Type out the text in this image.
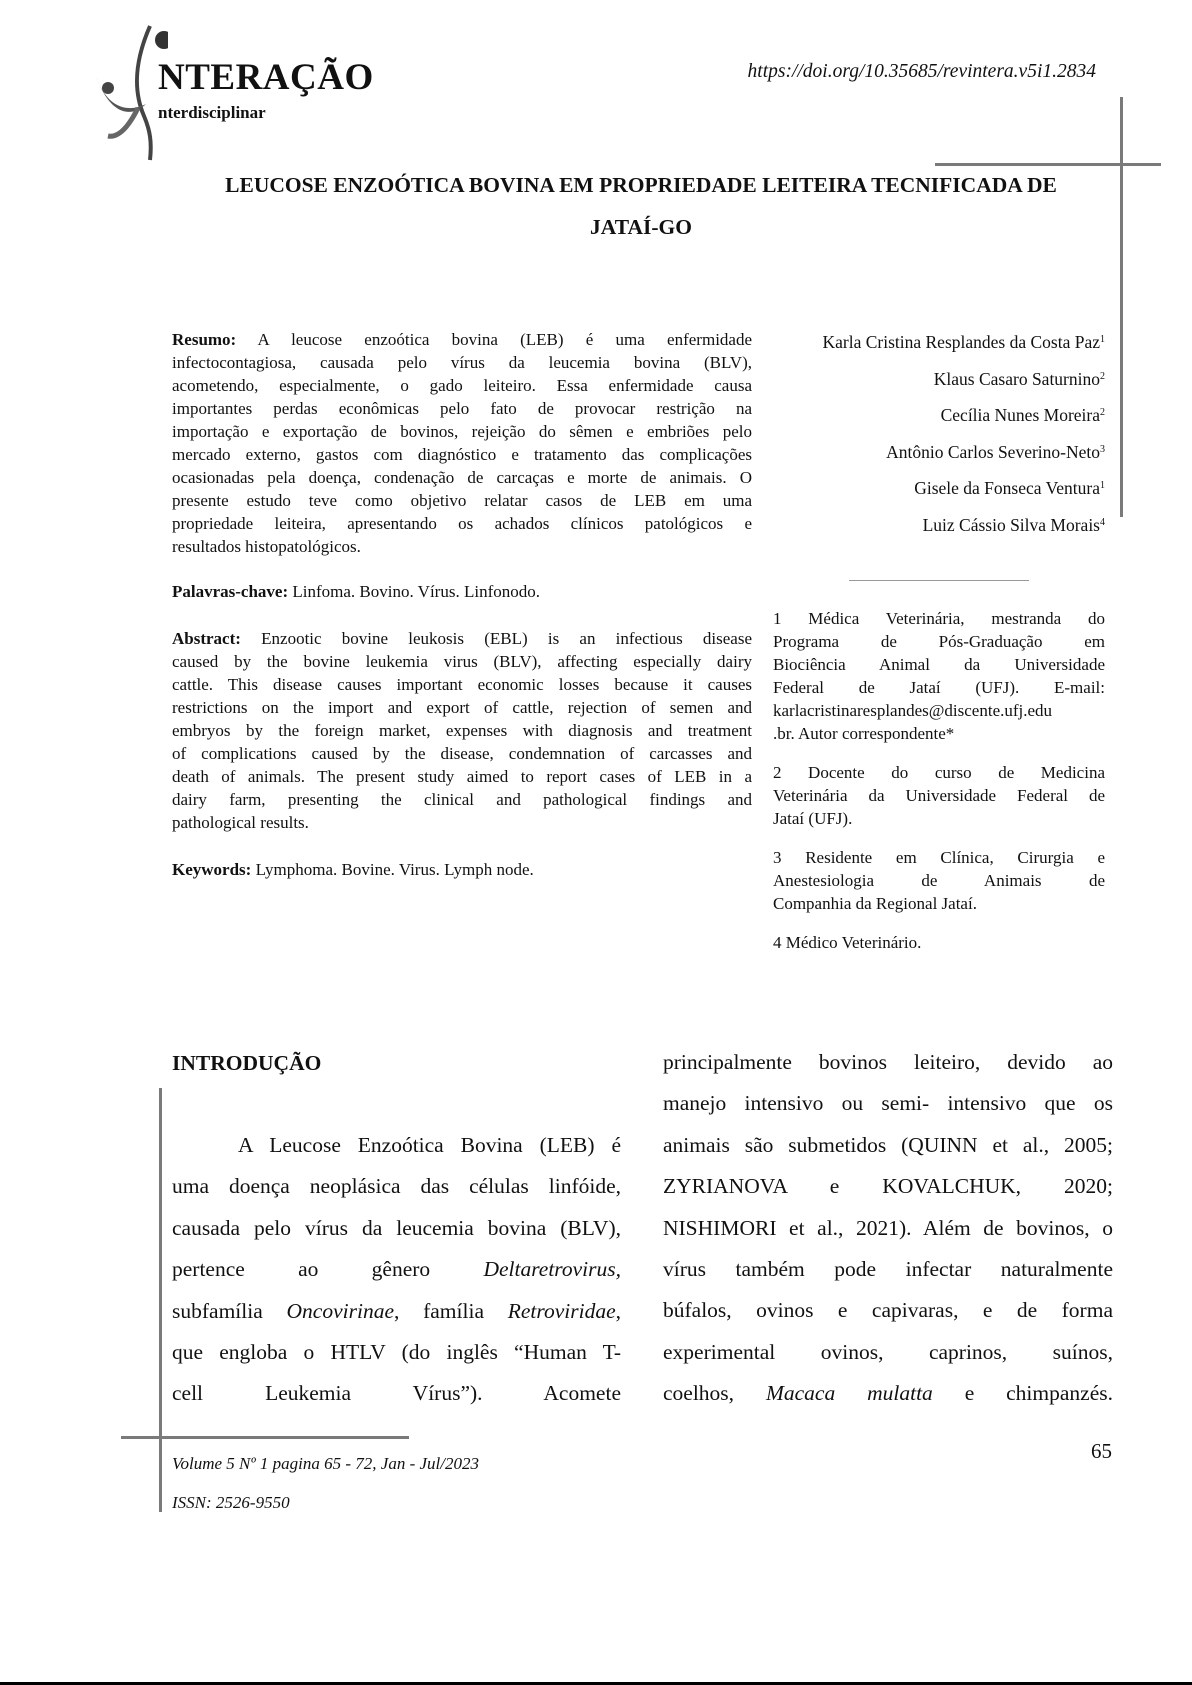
NTERAÇÃO
nterdisciplinar
https://doi.org/10.35685/revintera.v5i1.2834
LEUCOSE ENZOÓTICA BOVINA EM PROPRIEDADE LEITEIRA TECNIFICADA DE
JATAÍ-GO
Resumo: A leucose enzoótica bovina (LEB) é uma enfermidade
infectocontagiosa, causada pelo vírus da leucemia bovina (BLV),
acometendo, especialmente, o gado leiteiro. Essa enfermidade causa
importantes perdas econômicas pelo fato de provocar restrição na
importação e exportação de bovinos, rejeição do sêmen e embriões pelo
mercado externo, gastos com diagnóstico e tratamento das complicações
ocasionadas pela doença, condenação de carcaças e morte de animais. O
presente estudo teve como objetivo relatar casos de LEB em uma
propriedade leiteira, apresentando os achados clínicos patológicos e
resultados histopatológicos.
Palavras-chave: Linfoma. Bovino. Vírus. Linfonodo.
Abstract: Enzootic bovine leukosis (EBL) is an infectious disease
caused by the bovine leukemia virus (BLV), affecting especially dairy
cattle. This disease causes important economic losses because it causes
restrictions on the import and export of cattle, rejection of semen and
embryos by the foreign market, expenses with diagnosis and treatment
of complications caused by the disease, condemnation of carcasses and
death of animals. The present study aimed to report cases of LEB in a
dairy farm, presenting the clinical and pathological findings and
pathological results.
Keywords: Lymphoma. Bovine. Virus. Lymph node.
Karla Cristina Resplandes da Costa Paz$^1$
Klaus Casaro Saturnino$^2$
Cecília Nunes Moreira$^2$
Antônio Carlos Severino-Neto$^3$
Gisele da Fonseca Ventura$^1$
Luiz Cássio Silva Morais$^4$
1 Médica Veterinária, mestranda do
Programa de Pós-Graduação em
Biociência Animal da Universidade
Federal de Jataí (UFJ). E-mail:
karlacristinaresplandes@discente.ufj.edu
.br. Autor correspondente*
2 Docente do curso de Medicina
Veterinária da Universidade Federal de
Jataí (UFJ).
3 Residente em Clínica, Cirurgia e
Anestesiologia de Animais de
Companhia da Regional Jataí.
4 Médico Veterinário.
INTRODUÇÃO
A Leucose Enzoótica Bovina (LEB) é
uma doença neoplásica das células linfóide,
causada pelo vírus da leucemia bovina (BLV),
pertence ao gênero Deltaretrovirus,
subfamília Oncovirinae, família Retroviridae,
que engloba o HTLV (do inglês “Human T-
cell Leukemia Vírus”). Acomete
principalmente bovinos leiteiro, devido ao
manejo intensivo ou semi- intensivo que os
animais são submetidos (QUINN et al., 2005;
ZYRIANOVA e KOVALCHUK, 2020;
NISHIMORI et al., 2021). Além de bovinos, o
vírus também pode infectar naturalmente
búfalos, ovinos e capivaras, e de forma
experimental ovinos, caprinos, suínos,
coelhos, Macaca mulatta e chimpanzés.
Volume 5 Nº 1 pagina 65 - 72, Jan - Jul/2023
ISSN: 2526-9550
65
